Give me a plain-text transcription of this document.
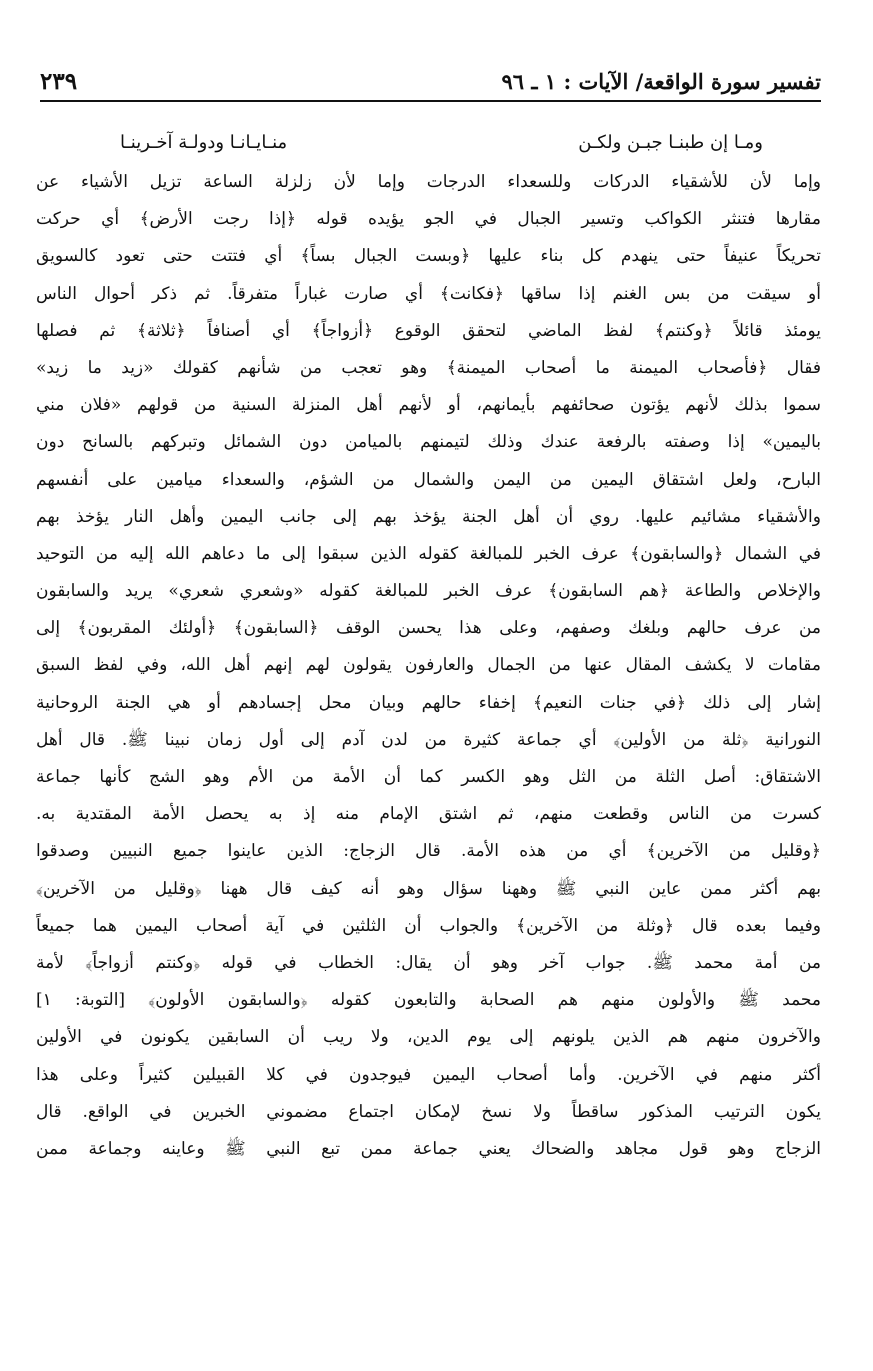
تفسير سورة الواقعة/ الآيات : ١ ـ ٩٦
٢٣٩
ومـا إن طبنـا جبـن ولكـن
منـايـانـا ودولـة آخـرينـا
وإما لأن للأشقياء الدركات وللسعداء الدرجات وإما لأن زلزلة الساعة تزيل الأشياء عن
مقارها فتنثر الكواكب وتسير الجبال في الجو يؤيده قوله ﴿إذا رجت الأرض﴾ أي حركت
تحريكاً عنيفاً حتى ينهدم كل بناء عليها ﴿وبست الجبال بساً﴾ أي فتتت حتى تعود كالسويق
أو سيقت من بس الغنم إذا ساقها ﴿فكانت﴾ أي صارت غباراً متفرقاً. ثم ذكر أحوال الناس
يومئذ قائلاً ﴿وكنتم﴾ لفظ الماضي لتحقق الوقوع ﴿أزواجاً﴾ أي أصنافاً ﴿ثلاثة﴾ ثم فصلها
فقال ﴿فأصحاب الميمنة ما أصحاب الميمنة﴾ وهو تعجب من شأنهم كقولك «زيد ما زيد»
سموا بذلك لأنهم يؤتون صحائفهم بأيمانهم، أو لأنهم أهل المنزلة السنية من قولهم «فلان مني
باليمين» إذا وصفته بالرفعة عندك وذلك لتيمنهم بالميامن دون الشمائل وتبركهم بالسانح دون
البارح، ولعل اشتقاق اليمين من اليمن والشمال من الشؤم، والسعداء ميامين على أنفسهم
والأشقياء مشائيم عليها. روي أن أهل الجنة يؤخذ بهم إلى جانب اليمين وأهل النار يؤخذ بهم
في الشمال ﴿والسابقون﴾ عرف الخبر للمبالغة كقوله الذين سبقوا إلى ما دعاهم الله إليه من التوحيد
والإخلاص والطاعة ﴿هم السابقون﴾ عرف الخبر للمبالغة كقوله «وشعري شعري» يريد والسابقون
من عرف حالهم وبلغك وصفهم، وعلى هذا يحسن الوقف ﴿السابقون﴾ ﴿أولئك المقربون﴾ إلى
مقامات لا يكشف المقال عنها من الجمال والعارفون يقولون لهم إنهم أهل الله، وفي لفظ السبق
إشار إلى ذلك ﴿في جنات النعيم﴾ إخفاء حالهم وبيان محل إجسادهم أو هي الجنة الروحانية
النورانية ﴿ثلة من الأولين﴾ أي جماعة كثيرة من لدن آدم إلى أول زمان نبينا ﷺ. قال أهل
الاشتقاق: أصل الثلة من الثل وهو الكسر كما أن الأمة من الأم وهو الشج كأنها جماعة
كسرت من الناس وقطعت منهم، ثم اشتق الإمام منه إذ به يحصل الأمة المقتدية به.
﴿وقليل من الآخرين﴾ أي من هذه الأمة. قال الزجاج: الذين عاينوا جميع النبيين وصدقوا
بهم أكثر ممن عاين النبي ﷺ وههنا سؤال وهو أنه كيف قال ههنا ﴿وقليل من الآخرين﴾
وفيما بعده قال ﴿وثلة من الآخرين﴾ والجواب أن الثلثين في آية أصحاب اليمين هما جميعاً
من أمة محمد ﷺ. جواب آخر وهو أن يقال: الخطاب في قوله ﴿وكنتم أزواجاً﴾ لأمة
محمد ﷺ والأولون منهم هم الصحابة والتابعون كقوله ﴿والسابقون الأولون﴾ [التوبة: ١]
والآخرون منهم هم الذين يلونهم إلى يوم الدين، ولا ريب أن السابقين يكونون في الأولين
أكثر منهم في الآخرين. وأما أصحاب اليمين فيوجدون في كلا القبيلين كثيراً وعلى هذا
يكون الترتيب المذكور ساقطاً ولا نسخ لإمكان اجتماع مضموني الخبرين في الواقع. قال
الزجاج وهو قول مجاهد والضحاك يعني جماعة ممن تبع النبي ﷺ وعاينه وجماعة ممن
